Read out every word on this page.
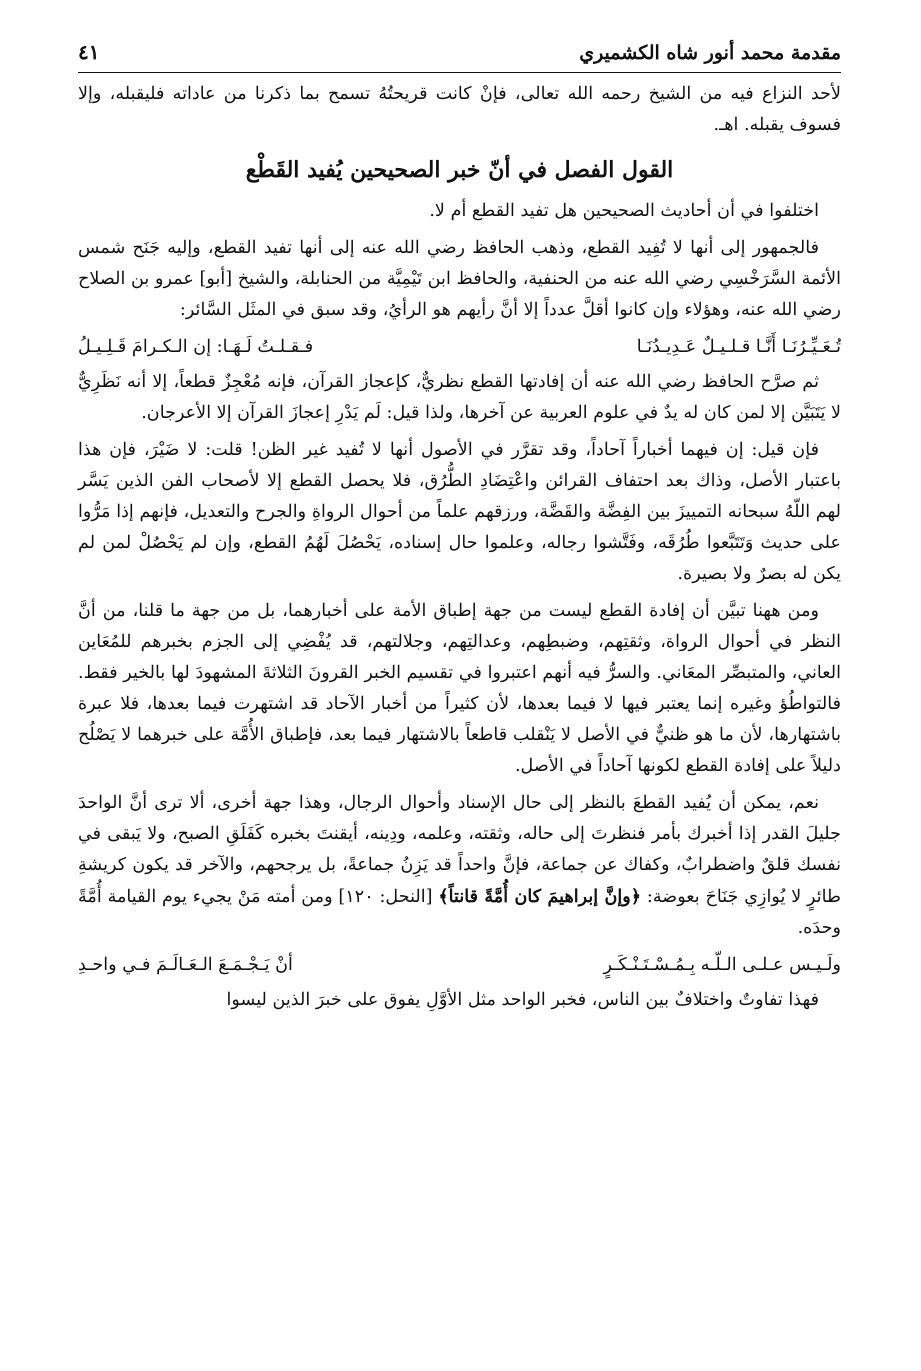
مقدمة محمد أنور شاه الكشميري
٤١

لأحد النزاع فيه من الشيخ رحمه الله تعالى، فإنْ كانت قريحتُهُ تسمح بما ذكرنا من عاداته فليقبله، وإلا فسوف يقبله. اهـ.

القول الفصل في أنّ خبر الصحيحين يُفيد القَطْع

اختلفوا في أن أحاديث الصحيحين هل تفيد القطع أم لا.

فالجمهور إلى أنها لا تُفِيد القطع، وذهب الحافظ رضي الله عنه إلى أنها تفيد القطع، وإليه جَنَح شمس الأئمة السَّرَخْسِي رضي الله عنه من الحنفية، والحافظ ابن تَيْمِيَّة من الحنابلة، والشيخ [أبو] عمرو بن الصلاح رضي الله عنه، وهؤلاء وإن كانوا أقلَّ عدداً إلا أنَّ رأيهم هو الرأيُ، وقد سبق في المثَل السَّائر:

تُـعَـيِّـرُنَـا أَنَّـا قـلـيـلٌ عَـدِيـدُنَـا
فـقـلـتُ لَـهَـا: إن الـكـرامَ قَـلِـيـلُ

ثم صرَّح الحافظ رضي الله عنه أن إفادتها القطع نظريٌّ، كإعجاز القرآن، فإنه مُعْجِزٌ قطعاً، إلا أنه نَظَرِيٌّ لا يَتَبَيَّن إلا لمن كان له يدٌ في علوم العربية عن آخرها، ولذا قيل: لَم يَدْرِ إعجازَ القرآن إلا الأعرجان.

فإن قيل: إن فيهما أخباراً آحاداً، وقد تقرَّر في الأصول أنها لا تُفيد غير الظن! قلت: لا ضَيْرَ، فإن هذا باعتبار الأصل، وذاك بعد احتفاف القرائن واعْتِضَادِ الطُّرُق، فلا يحصل القطع إلا لأصحاب الفن الذين يَسَّر لهم اللّهُ سبحانه التمييزَ بين الفِضَّة والقَضَّة، ورزقهم علماً من أحوال الرواةِ والجرح والتعديل، فإنهم إذا مَرُّوا على حديث وَتَتَبَّعوا طُرُقَه، وفَتَّشوا رجاله، وعلموا حال إسناده، يَحْصُلَ لَهُمُ القطع، وإن لم يَحْصُلْ لمن لم يكن له بصرٌ ولا بصيرة.

ومن ههنا تبيَّن أن إفادة القطع ليست من جهة إطباق الأمة على أخبارهما، بل من جهة ما قلنا، من أنَّ النظر في أحوال الرواة، وثقتِهم، وضبطِهم، وعدالتِهم، وجلالتهم، قد يُفْضِي إلى الجزم بخبرهم للمُعَاين العاني، والمتبصِّر المعَاني. والسرُّ فيه أنهم اعتبروا في تقسيم الخبر القرونَ الثلاثةَ المشهودَ لها بالخير فقط. فالتواطُؤ وغيره إنما يعتبر فيها لا فيما بعدها، لأن كثيراً من أخبار الآحاد قد اشتهرت فيما بعدها، فلا عبرة باشتهارها، لأن ما هو ظنيٌّ في الأصل لا يَنْقلب قاطعاً بالاشتهار فيما بعد، فإطباق الأُمَّة على خبرهما لا يَصْلُح دليلاً على إفادة القطع لكونها آحاداً في الأصل.

نعم، يمكن أن يُفيد القطعَ بالنظر إلى حال الإسناد وأحوال الرجال، وهذا جهة أخرى، ألا ترى أنَّ الواحدَ جليلَ القدر إذا أخبرك بأمر فنظرتَ إلى حاله، وثقته، وعلمه، ودِينه، أيقنتَ بخبره كَفَلَقِ الصبح، ولا يَبقى في نفسك قلقٌ واضطرابٌ، وكفاك عن جماعة، فإنَّ واحداً قد يَزِنُ جماعةً، بل يرجحهم، والآخر قد يكون كريشةِ طائرٍ لا يُوازِي جَنَاحَ بعوضة: ﴿وإنَّ إبراهيمَ كان أُمَّةً قانتاً﴾ [النحل: ١٢٠] ومن أمته مَنْ يجيء يوم القيامة أُمَّةً وحدَه.

ولَـيـس عـلـى الـلّـه بِـمُـسْـتَـنْـكَـرٍ
أنْ يَـجْـمَـعَ الـعَـالَـمَ فـي واحـدِ

فهذا تفاوتٌ واختلافٌ بين الناس، فخبر الواحد مثل الأوَّلِ يفوق على خبرَ الذين ليسوا
